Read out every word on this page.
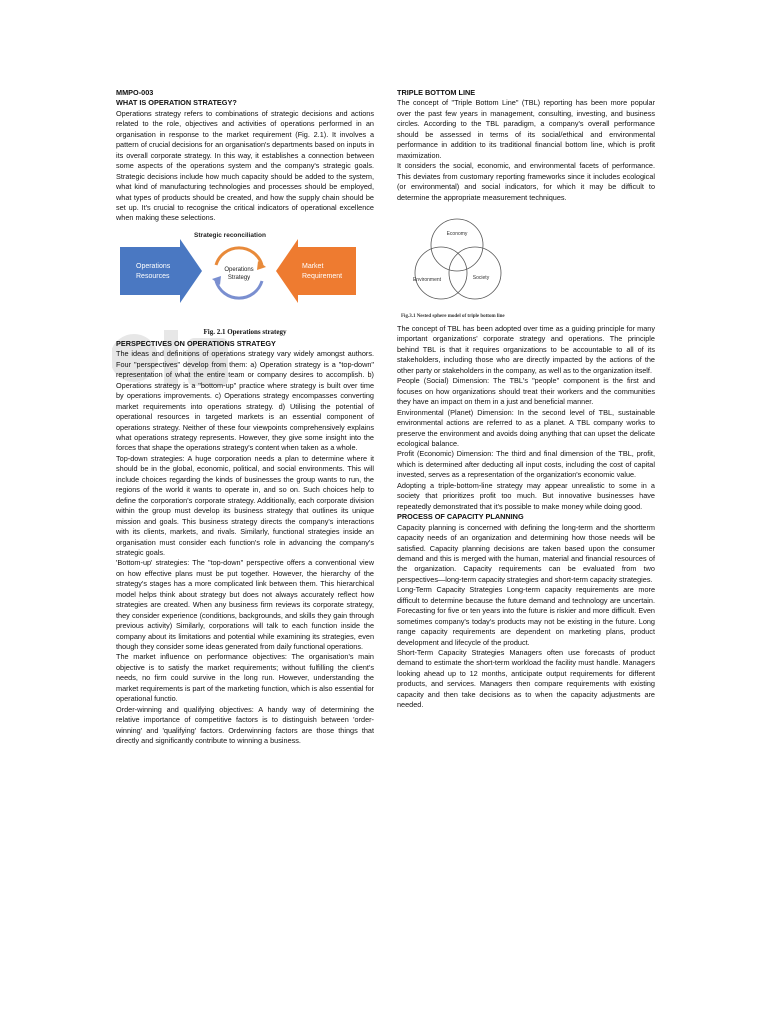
MMPO-003

WHAT IS OPERATION STRATEGY?

Operations strategy refers to combinations of strategic decisions and actions related to the role, objectives and activities of operations performed in an organisation in response to the market requirement (Fig. 2.1). It involves a pattern of crucial decisions for an organisation's departments based on inputs in its overall corporate strategy. In this way, it establishes a connection between some aspects of the operations system and the company's strategic goals. Strategic decisions include how much capacity should be added to the system, what kind of manufacturing technologies and processes should be employed, what types of products should be created, and how the supply chain should be set up. It's crucial to recognise the critical indicators of operational excellence when making these selections.

Strategic reconciliation
Operations
Resources
Market
Requirement
Operations
Strategy

Fig. 2.1 Operations strategy

PERSPECTIVES ON OPERATIONS STRATEGY

The ideas and definitions of operations strategy vary widely amongst authors. Four "perspectives" develop from them: a) Operation strategy is a "top-down" representation of what the entire team or company desires to accomplish. b) Operations strategy is a "bottom-up" practice where strategy is built over time by operations improvements. c) Operations strategy encompasses converting market requirements into operations strategy. d) Utilising the potential of operational resources in targeted markets is an essential component of operations strategy. Neither of these four viewpoints comprehensively explains what operations strategy represents. However, they give some insight into the forces that shape the operations strategy's content when taken as a whole.

Top-down strategies: A huge corporation needs a plan to determine where it should be in the global, economic, political, and social environments. This will include choices regarding the kinds of businesses the group wants to run, the regions of the world it wants to operate in, and so on. Such choices help to define the corporation's corporate strategy. Additionally, each corporate division within the group must develop its business strategy that outlines its unique mission and goals. This business strategy directs the company's interactions with its clients, markets, and rivals. Similarly, functional strategies inside an organisation must consider each function's role in advancing the company's strategic goals.

'Bottom-up' strategies: The "top-down" perspective offers a conventional view on how effective plans must be put together. However, the hierarchy of the strategy's stages has a more complicated link between them. This hierarchical model helps think about strategy but does not always accurately reflect how strategies are created. When any business firm reviews its corporate strategy, they consider experience (conditions, backgrounds, and skills they gain through previous activity) Similarly, corporations will talk to each function inside the company about its limitations and potential while examining its strategies, even though they consider some ideas generated from daily functional operations.

The market influence on performance objectives: The organisation's main objective is to satisfy the market requirements; without fulfilling the client's needs, no firm could survive in the long run. However, understanding the market requirements is part of the marketing function, which is also essential for operational functio.

Order-winning and qualifying objectives: A handy way of determining the relative importance of competitive factors is to distinguish between 'order-winning' and 'qualifying' factors. Orderwinning factors are those things that directly and significantly contribute to winning a business.

TRIPLE BOTTOM LINE

The concept of "Triple Bottom Line" (TBL) reporting has been more popular over the past few years in management, consulting, investing, and business circles. According to the TBL paradigm, a company's overall performance should be assessed in terms of its social/ethical and environmental performance in addition to its traditional financial bottom line, which is profit maximization.

It considers the social, economic, and environmental facets of performance. This deviates from customary reporting frameworks since it includes ecological (or environmental) and social indicators, for which it may be difficult to determine the appropriate measurement techniques.

Economy
Environment	Society

Fig.3.1 Nested sphere model of triple bottom line

The concept of TBL has been adopted over time as a guiding principle for many important organizations' corporate strategy and operations. The principle behind TBL is that it requires organizations to be accountable to all of its stakeholders, including those who are directly impacted by the actions of the other party or stakeholders in the company, as well as to the organization itself.

People (Social) Dimension: The TBL's "people" component is the first and focuses on how organizations should treat their workers and the communities they have an impact on them in a just and beneficial manner.

Environmental (Planet) Dimension: In the second level of TBL, sustainable environmental actions are referred to as a planet. A TBL company works to preserve the environment and avoids doing anything that can upset the delicate ecological balance.

Profit (Economic) Dimension: The third and final dimension of the TBL, profit, which is determined after deducting all input costs, including the cost of capital invested, serves as a representation of the organization's economic value.

Adopting a triple-bottom-line strategy may appear unrealistic to some in a society that prioritizes profit too much. But innovative businesses have repeatedly demonstrated that it's possible to make money while doing good.

PROCESS OF CAPACITY PLANNING

Capacity planning is concerned with defining the long-term and the shortterm capacity needs of an organization and determining how those needs will be satisfied. Capacity planning decisions are taken based upon the consumer demand and this is merged with the human, material and financial resources of the organization. Capacity requirements can be evaluated from two perspectives—long-term capacity strategies and short-term capacity strategies.

Long-Term Capacity Strategies Long-term capacity requirements are more difficult to determine because the future demand and technology are uncertain. Forecasting for five or ten years into the future is riskier and more difficult. Even sometimes company's today's products may not be existing in the future. Long range capacity requirements are dependent on marketing plans, product development and lifecycle of the product.

Short-Term Capacity Strategies Managers often use forecasts of product demand to estimate the short-term workload the facility must handle. Managers looking ahead up to 12 months, anticipate output requirements for different products, and services. Managers then compare requirements with existing capacity and then take decisions as to when the capacity adjustments are needed.
